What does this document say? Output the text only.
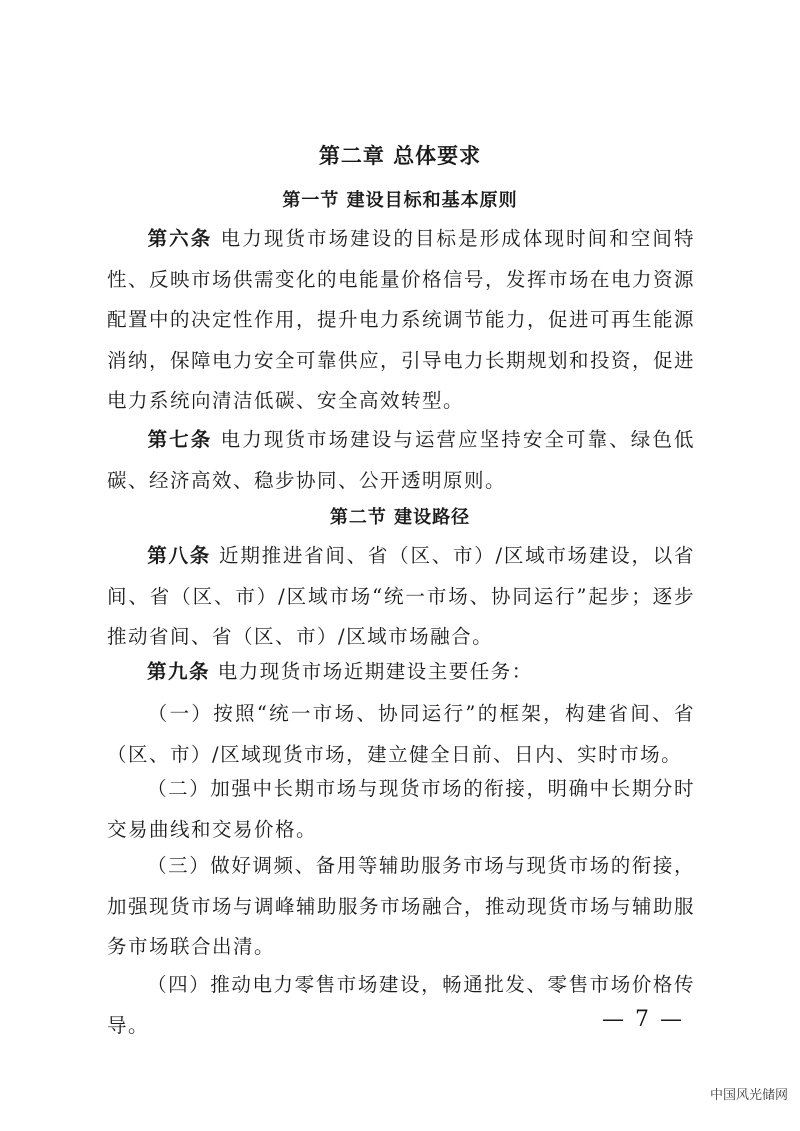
第二章 总体要求
第一节 建设目标和基本原则

第六条 电力现货市场建设的目标是形成体现时间和空间特性、反映市场供需变化的电能量价格信号，发挥市场在电力资源配置中的决定性作用，提升电力系统调节能力，促进可再生能源消纳，保障电力安全可靠供应，引导电力长期规划和投资，促进电力系统向清洁低碳、安全高效转型。

第七条 电力现货市场建设与运营应坚持安全可靠、绿色低碳、经济高效、稳步协同、公开透明原则。

第二节 建设路径

第八条 近期推进省间、省（区、市）/区域市场建设，以省间、省（区、市）/区域市场“统一市场、协同运行”起步；逐步推动省间、省（区、市）/区域市场融合。

第九条 电力现货市场近期建设主要任务：

（一）按照“统一市场、协同运行”的框架，构建省间、省（区、市）/区域现货市场，建立健全日前、日内、实时市场。

（二）加强中长期市场与现货市场的衔接，明确中长期分时交易曲线和交易价格。

（三）做好调频、备用等辅助服务市场与现货市场的衔接，加强现货市场与调峰辅助服务市场融合，推动现货市场与辅助服务市场联合出清。

（四）推动电力零售市场建设，畅通批发、零售市场价格传导。	— 7 —
中国风光储网
